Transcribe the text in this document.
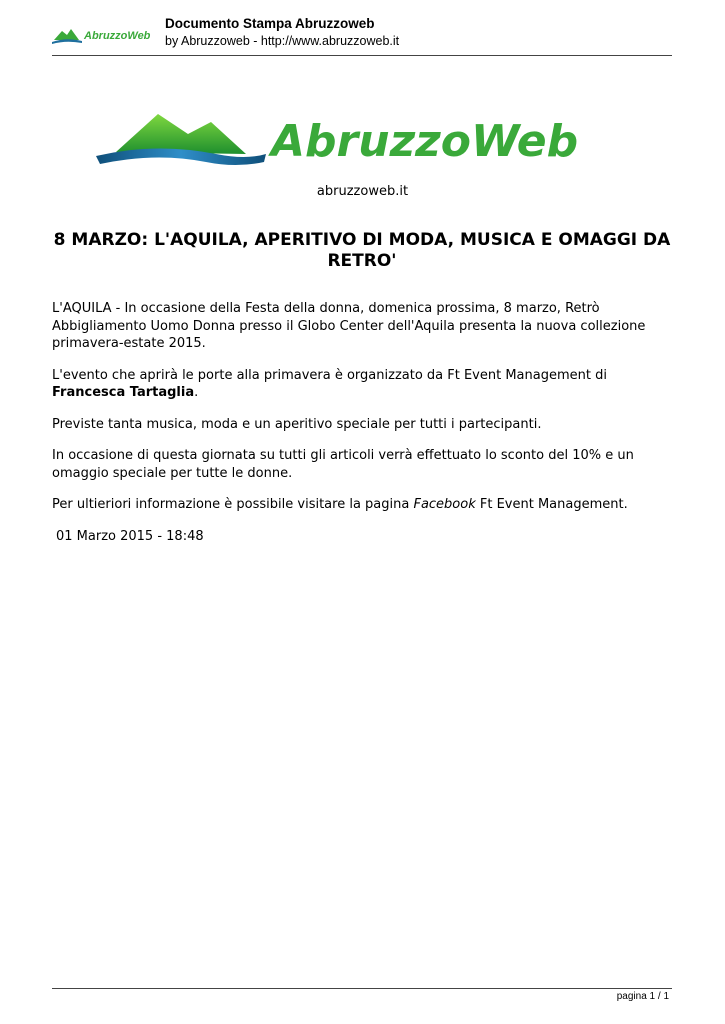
AbruzzoWeb
Documento Stampa Abruzzoweb
by Abruzzoweb - http://www.abruzzoweb.it
AbruzzoWeb
abruzzoweb.it
8 MARZO: L'AQUILA, APERITIVO DI MODA, MUSICA E OMAGGI DA RETRO'

L'AQUILA - In occasione della Festa della donna, domenica prossima, 8 marzo, Retrò Abbigliamento Uomo Donna presso il Globo Center dell'Aquila presenta la nuova collezione primavera-estate 2015.

L'evento che aprirà le porte alla primavera è organizzato da Ft Event Management di Francesca Tartaglia.

Previste tanta musica, moda e un aperitivo speciale per tutti i partecipanti.

In occasione di questa giornata su tutti gli articoli verrà effettuato lo sconto del 10% e un omaggio speciale per tutte le donne.

Per ultieriori informazione è possibile visitare la pagina Facebook Ft Event Management.

01 Marzo 2015 - 18:48

pagina 1 / 1
